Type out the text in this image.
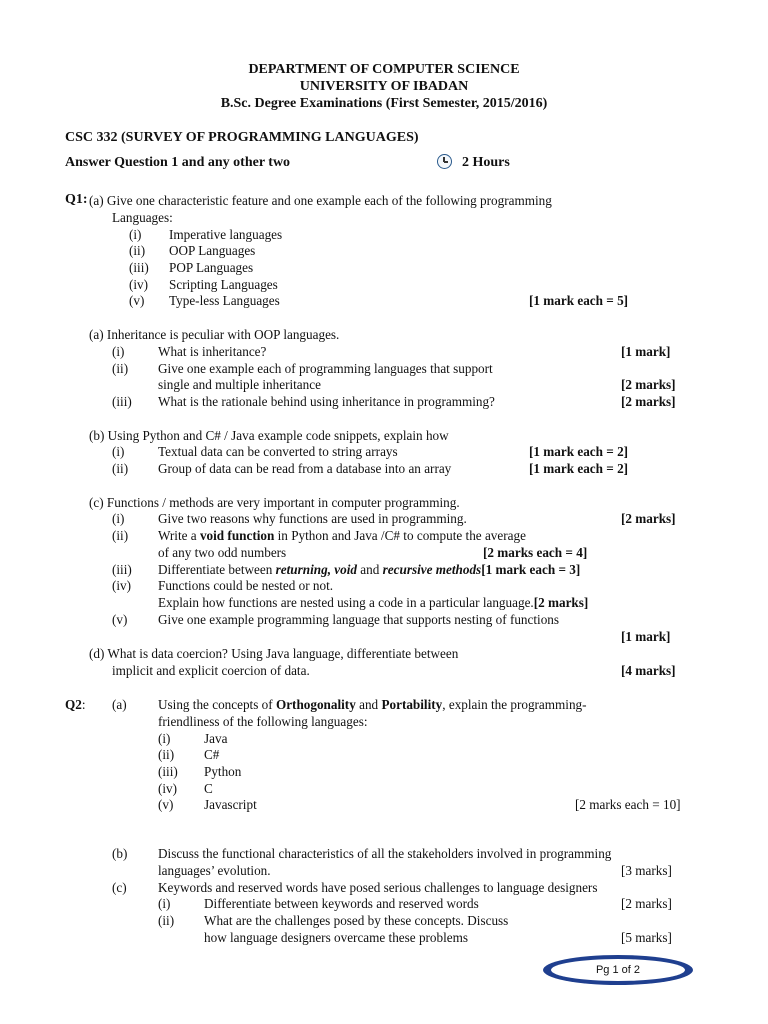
DEPARTMENT OF COMPUTER SCIENCE
UNIVERSITY OF IBADAN
B.Sc. Degree Examinations (First Semester, 2015/2016)
CSC 332 (SURVEY OF PROGRAMMING LANGUAGES)
Answer Question 1 and any other two	2 Hours
Q1: (a) Give one characteristic feature and one example each of the following programming
Languages:
(i) Imperative languages
(ii) OOP Languages
(iii) POP Languages
(iv) Scripting Languages
(v) Type-less Languages	[1 mark each = 5]
(a) Inheritance is peculiar with OOP languages.
(i)	What is inheritance?	[1 mark]
(ii) Give one example each of programming languages that support
single and multiple inheritance	[2 marks]
(iii) What is the rationale behind using inheritance in programming?	[2 marks]
(b) Using Python and C# / Java example code snippets, explain how
(i)	Textual data can be converted to string arrays	[1 mark each = 2]
(ii) Group of data can be read from a database into an array	[1 mark each = 2]
(c) Functions / methods are very important in computer programming.
(i)	Give two reasons why functions are used in programming.	[2 marks]
(ii) Write a void function in Python and Java /C# to compute the average
of any two odd numbers	[2 marks each = 4]
(iii) Differentiate between returning, void and recursive methods[1 mark each = 3]
(iv) Functions could be nested or not.
Explain how functions are nested using a code in a particular language.[2 marks]
(v) Give one example programming language that supports nesting of functions
[1 mark]
(d) What is data coercion? Using Java language, differentiate between
implicit and explicit coercion of data.	[4 marks]
Q2: (a) Using the concepts of Orthogonality and Portability, explain the programming-
friendliness of the following languages:
(i)	Java
(ii) C#
(iii) Python
(iv) C
(v) Javascript	[2 marks each = 10]
(b) Discuss the functional characteristics of all the stakeholders involved in programming
languages’ evolution.	[3 marks]
(c) Keywords and reserved words have posed serious challenges to language designers
(i)	Differentiate between keywords and reserved words	[2 marks]
(ii) What are the challenges posed by these concepts. Discuss
how language designers overcame these problems	[5 marks]
Pg 1 of 2
